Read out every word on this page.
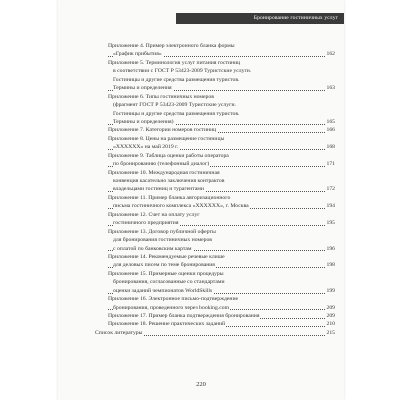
Бронирование гостиничных услуг
Приложение 4. Пример электронного бланка формы
«График прибытия»	162
Приложение 5. Терминология услуг питания гостиниц
в соответствии с ГОСТ Р 53423-2009 Туристские услуги.
Гостиницы и другие средства размещения туристов.
Термины и определения	163
Приложение 6. Типы гостиничных номеров
(фрагмент ГОСТ Р 53423-2009 Туристские услуги.
Гостиницы и другие средства размещения туристов.
Термины и определения)	165
Приложение 7. Категории номеров гостиниц	166
Приложение 8. Цены на размещение гостиницы
«XXXXXX» на май 2019 г.	168
Приложение 9. Таблица оценки работы оператора
по бронированию (телефонный диалог)	171
Приложение 10. Международная гостиничная
конвенция касательно заключения контрактов
владельцами гостиниц и турагентами	172
Приложение 11. Пример бланка авторизационного
письма гостиничного комплекса «XXXXXX», г. Москва	194
Приложение 12. Счет на оплату услуг
гостиничного предприятия	195
Приложение 13. Договор публичной оферты
для бронирования гостиничных номеров
с оплатой по банковским картам	196
Приложение 14. Рекомендуемые речевые клише
для деловых писем по теме бронирования	198
Приложение 15. Примерные оценки процедуры
бронирования, согласованные со стандартами
оценки заданий чемпионатов WorldSkills	199
Приложение 16. Электронное письмо-подтверждение
бронирования, проведенного через booking.com	209
Приложение 17. Пример бланка подтверждения бронирования	209
Приложение 18. Решение практических заданий	210
Список литературы	215
220
